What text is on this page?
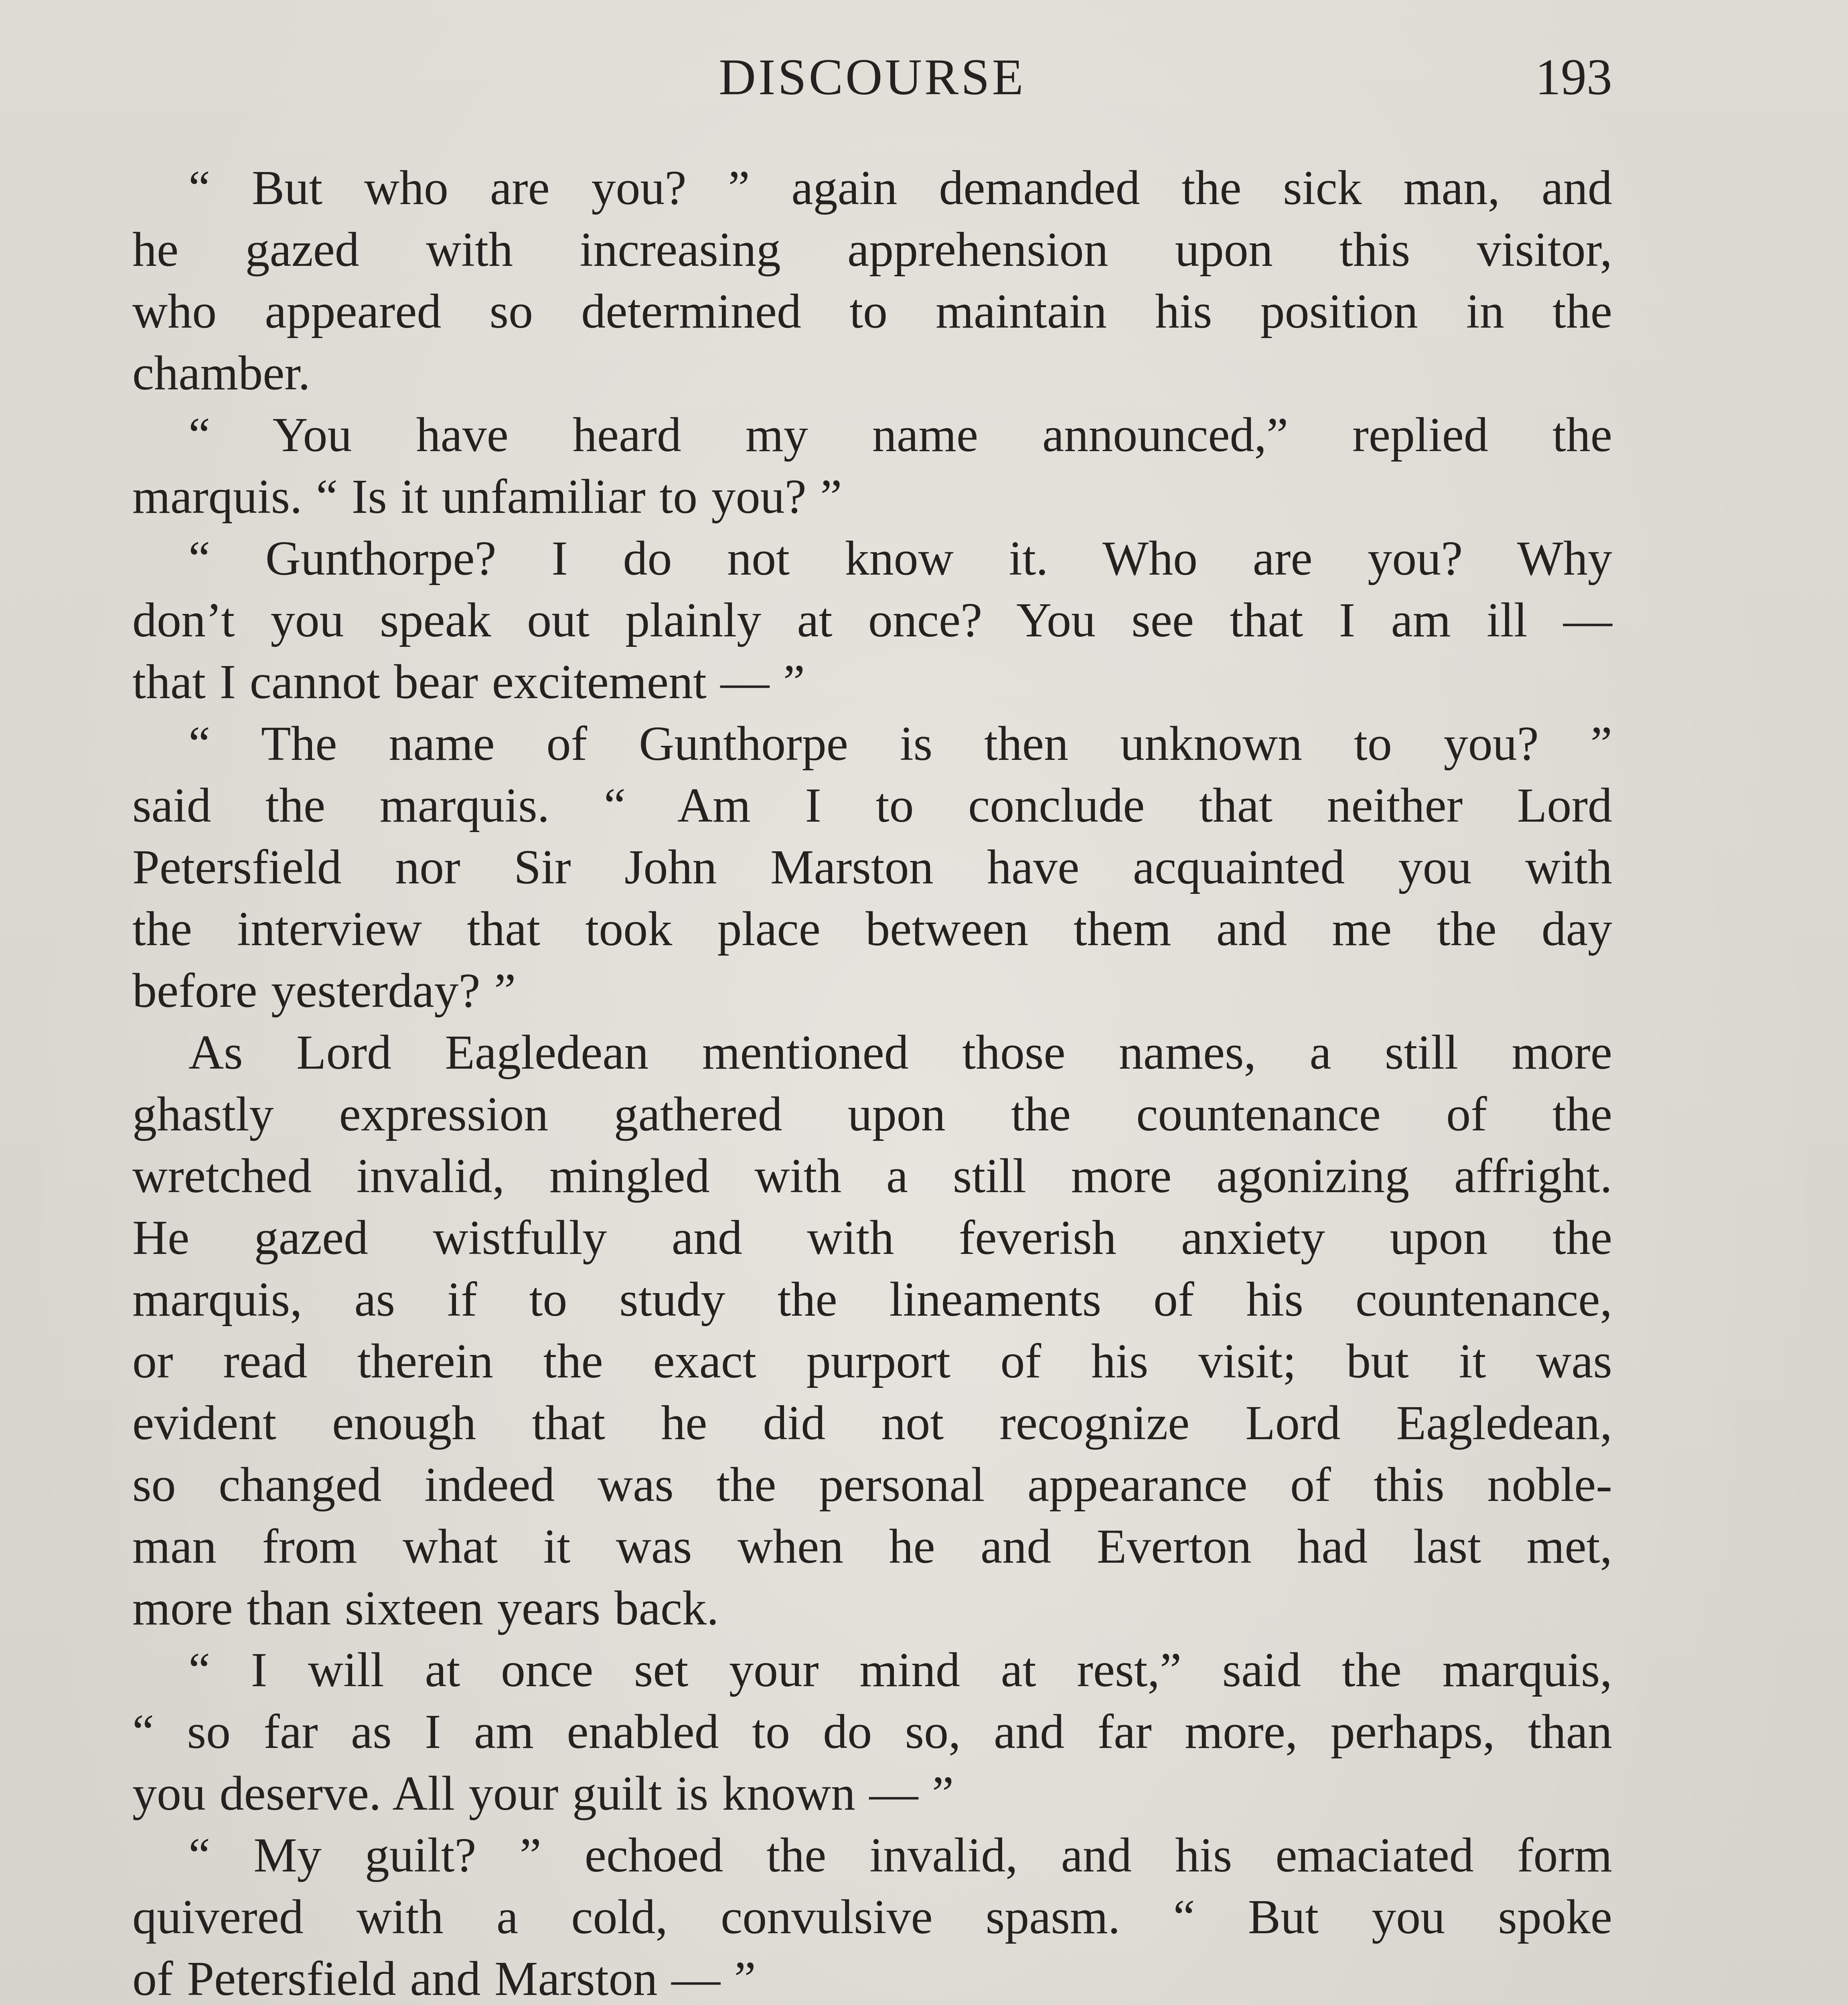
DISCOURSE	193
“ But who are you? ” again demanded the sick man, and
he gazed with increasing apprehension upon this visitor,
who appeared so determined to maintain his position in the
chamber.
“ You have heard my name announced,” replied the
marquis. “ Is it unfamiliar to you? ”
“ Gunthorpe? I do not know it. Who are you? Why
don’t you speak out plainly at once? You see that I am ill —
that I cannot bear excitement — ”
“ The name of Gunthorpe is then unknown to you? ”
said the marquis. “ Am I to conclude that neither Lord
Petersfield nor Sir John Marston have acquainted you with
the interview that took place between them and me the day
before yesterday? ”
As Lord Eagledean mentioned those names, a still more
ghastly expression gathered upon the countenance of the
wretched invalid, mingled with a still more agonizing affright.
He gazed wistfully and with feverish anxiety upon the
marquis, as if to study the lineaments of his countenance,
or read therein the exact purport of his visit; but it was
evident enough that he did not recognize Lord Eagledean,
so changed indeed was the personal appearance of this noble-
man from what it was when he and Everton had last met,
more than sixteen years back.
“ I will at once set your mind at rest,” said the marquis,
“ so far as I am enabled to do so, and far more, perhaps, than
you deserve. All your guilt is known — ”
“ My guilt? ” echoed the invalid, and his emaciated form
quivered with a cold, convulsive spasm. “ But you spoke
of Petersfield and Marston — ”
